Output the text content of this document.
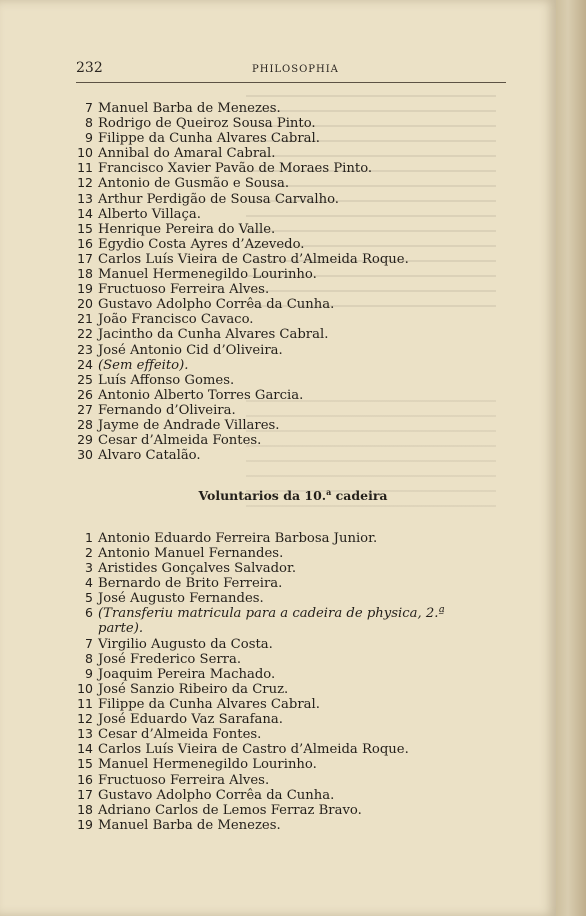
232	PHILOSOPHIA
7 Manuel Barba de Menezes.
8 Rodrigo de Queiroz Sousa Pinto.
9 Filippe da Cunha Alvares Cabral.
10 Annibal do Amaral Cabral.
11 Francisco Xavier Pavão de Moraes Pinto.
12 Antonio de Gusmão e Sousa.
13 Arthur Perdigão de Sousa Carvalho.
14 Alberto Villaça.
15 Henrique Pereira do Valle.
16 Egydio Costa Ayres d’Azevedo.
17 Carlos Luís Vieira de Castro d’Almeida Roque.
18 Manuel Hermenegildo Lourinho.
19 Fructuoso Ferreira Alves.
20 Gustavo Adolpho Corrêa da Cunha.
21 João Francisco Cavaco.
22 Jacintho da Cunha Alvares Cabral.
23 José Antonio Cid d’Oliveira.
24 (Sem effeito).
25 Luís Affonso Gomes.
26 Antonio Alberto Torres Garcia.
27 Fernando d’Oliveira.
28 Jayme de Andrade Villares.
29 Cesar d’Almeida Fontes.
30 Alvaro Catalão.
Voluntarios da 10.$^a$ cadeira
1 Antonio Eduardo Ferreira Barbosa Junior.
2 Antonio Manuel Fernandes.
3 Aristides Gonçalves Salvador.
4 Bernardo de Brito Ferreira.
5 José Augusto Fernandes.
6 (Transferiu matricula para a cadeira de physica, 2.ª
parte).
7 Virgilio Augusto da Costa.
8 José Frederico Serra.
9 Joaquim Pereira Machado.
10 José Sanzio Ribeiro da Cruz.
11 Filippe da Cunha Alvares Cabral.
12 José Eduardo Vaz Sarafana.
13 Cesar d’Almeida Fontes.
14 Carlos Luís Vieira de Castro d’Almeida Roque.
15 Manuel Hermenegildo Lourinho.
16 Fructuoso Ferreira Alves.
17 Gustavo Adolpho Corrêa da Cunha.
18 Adriano Carlos de Lemos Ferraz Bravo.
19 Manuel Barba de Menezes.
